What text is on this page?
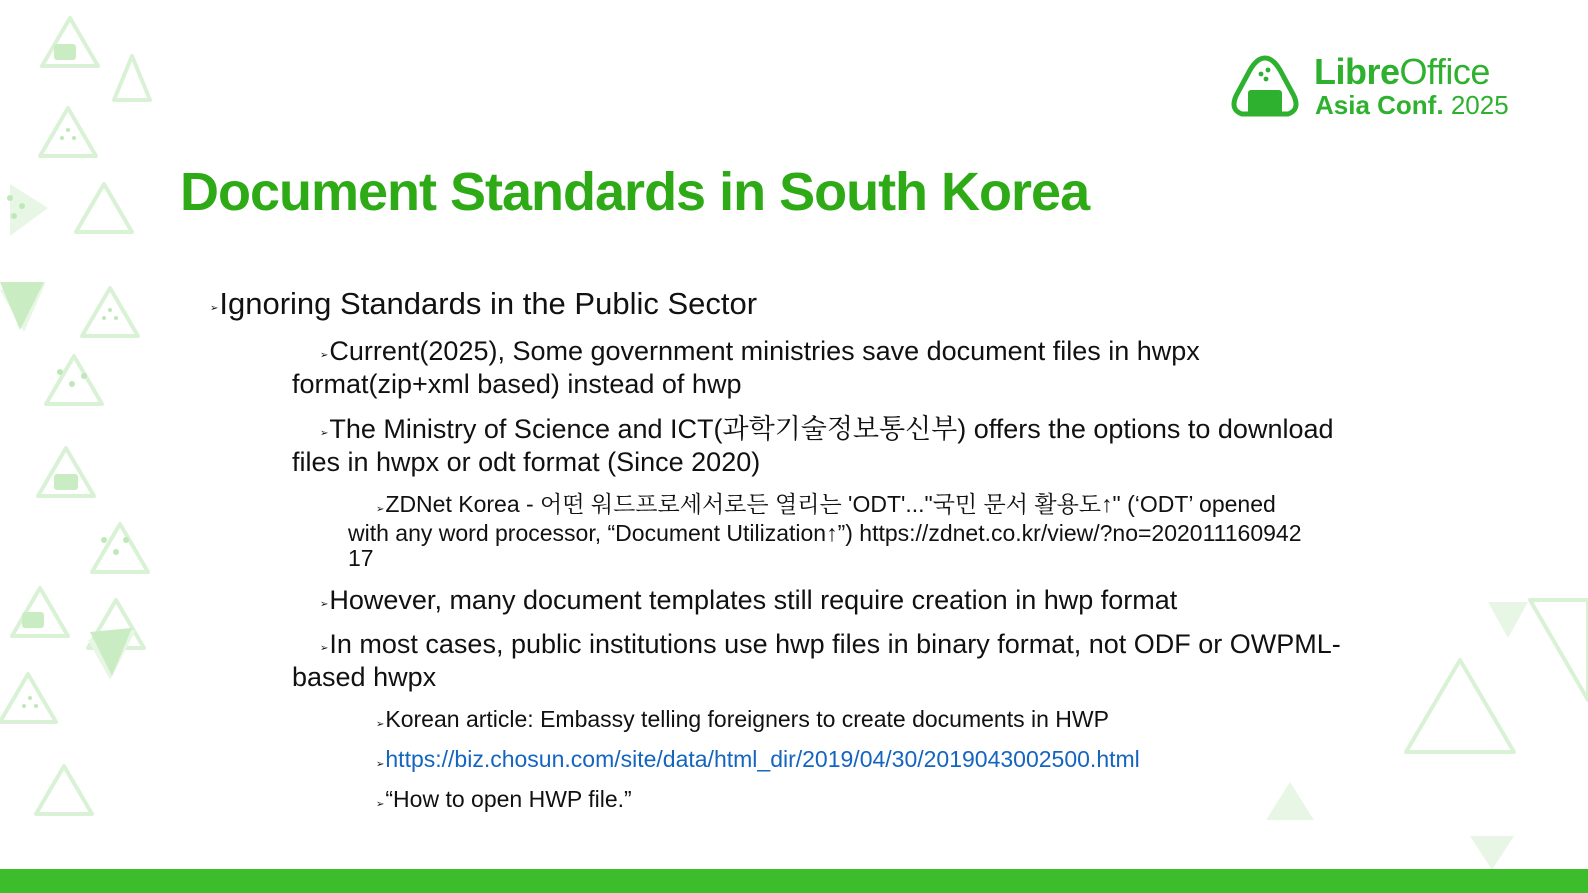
LibreOffice
Asia Conf. 2025
Document Standards in South Korea
➢Ignoring Standards in the Public Sector
➢Current(2025), Some government ministries save document files in hwpx
format(zip+xml based) instead of hwp
➢The Ministry of Science and ICT(과학기술정보통신부) offers the options to download
files in hwpx or odt format (Since 2020)
➢ZDNet Korea - 어떤 워드프로세서로든 열리는 'ODT'..."국민 문서 활용도↑" (‘ODT’ opened
with any word processor, “Document Utilization↑”) https://zdnet.co.kr/view/?no=202011160942
17
➢However, many document templates still require creation in hwp format
➢In most cases, public institutions use hwp files in binary format, not ODF or OWPML-
based hwpx
➢Korean article: Embassy telling foreigners to create documents in HWP
➢https://biz.chosun.com/site/data/html_dir/2019/04/30/2019043002500.html
➢“How to open HWP file.”
